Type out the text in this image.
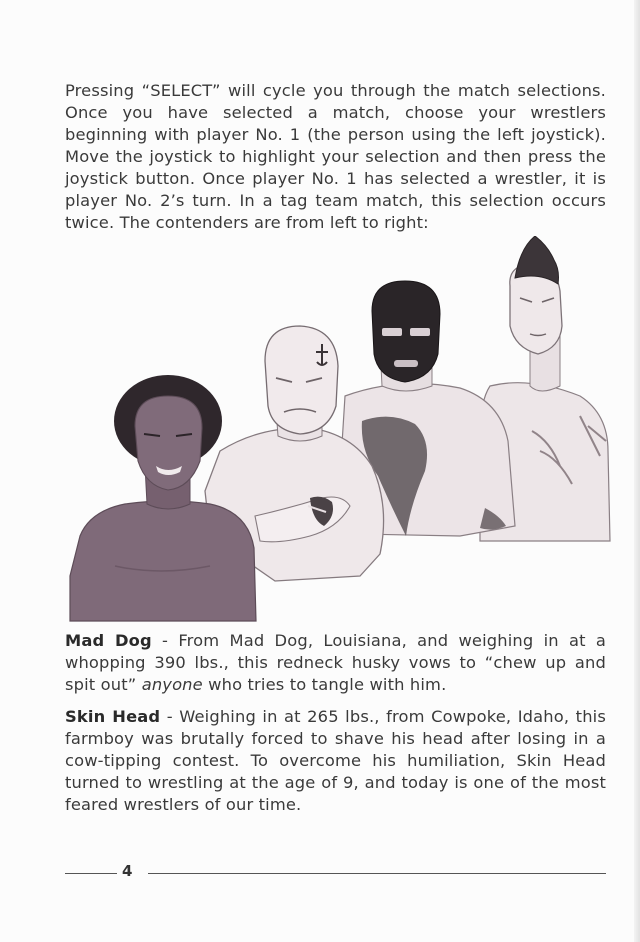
Pressing “SELECT” will cycle you through the match selections. Once you have selected a match, choose your wrestlers beginning with player No. 1 (the person using the left joystick). Move the joystick to highlight your selection and then press the joystick button. Once player No. 1 has selected a wrestler, it is player No. 2’s turn. In a tag team match, this selection occurs twice. The contenders are from left to right:

Mad Dog - From Mad Dog, Louisiana, and weighing in at a whopping 390 lbs., this redneck husky vows to “chew up and spit out” anyone who tries to tangle with him.

Skin Head - Weighing in at 265 lbs., from Cowpoke, Idaho, this farmboy was brutally forced to shave his head after losing in a cow-tipping contest. To overcome his humiliation, Skin Head turned to wrestling at the age of 9, and today is one of the most feared wrestlers of our time.

4
